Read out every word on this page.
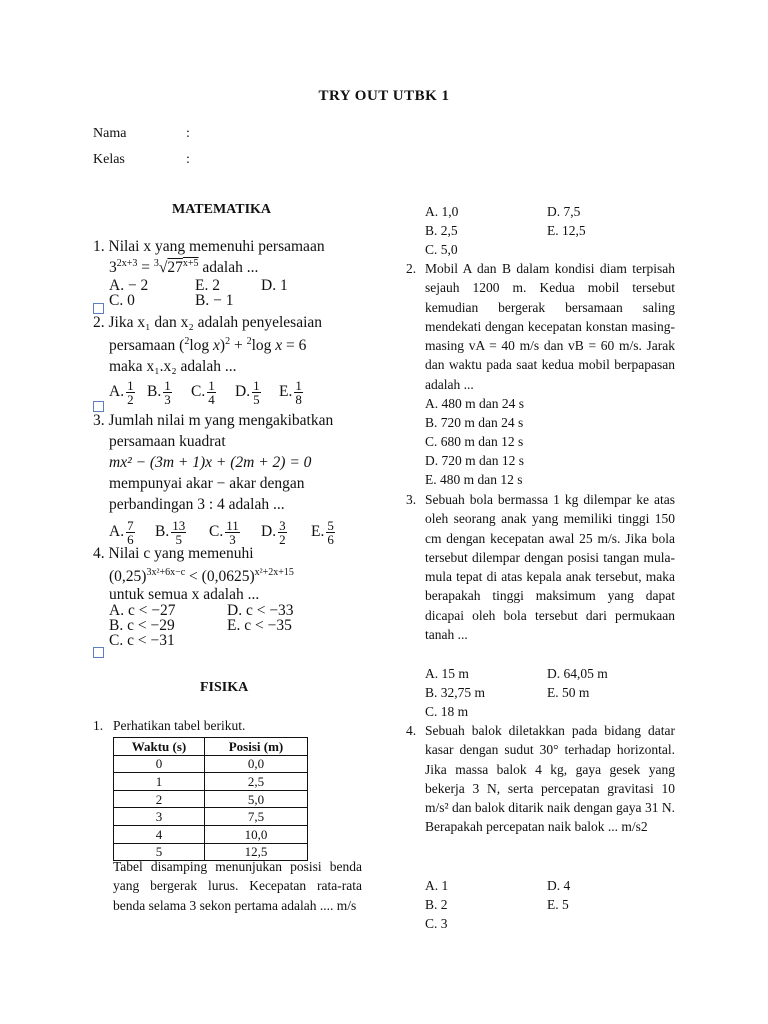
TRY OUT UTBK 1
Nama	:
Kelas	:
MATEMATIKA
1. Nilai x yang memenuhi persamaan
$3^{2x+3} = ^3√27^{x+5}$ adalah ...
A. − 2	E. 2	D. 1
C. 0	B. − 1
2. Jika x₁ dan x₂ adalah penyelesaian
persamaan ($^2$log x)$^2$ + $^2$log x = 6
maka x₁.x₂ adalah ...
A. $\frac{1}{2} B$. $\frac{1}{3} C$. $\frac{1}{4} D$. $\frac{1}{5} E$. $\frac{1}{8}$
3. Jumlah nilai m yang mengakibatkan
persamaan kuadrat
mx² − (3m + 1)x + (2m + 2) = 0
mempunyai akar − akar dengan
perbandingan 3 : 4 adalah ...
A. $\frac{7}{6} B$. $\frac{13}{5} C$. $\frac{11}{3} D$. $\frac{3}{2} E$. $\frac{5}{6}$
4. Nilai c yang memenuhi
$(0,25)^{3x^2+6x-c} < (0,0625)^{x^2+2x+15}$
untuk semua x adalah ...
A. c < −27	D. c < −33
B. c < −29	E. c < −35
C. c < −31
FISIKA
1. Perhatikan tabel berikut.
Waktu (s)	Posisi (m)
0	0,0
1	2,5
2	5,0
3	7,5
4	10,0
5	12,5
Tabel disamping menunjukan posisi benda yang bergerak lurus. Kecepatan rata-rata benda selama 3 sekon pertama adalah .... m/s
A. 1,0	D. 7,5
B. 2,5	E. 12,5
C. 5,0
2. Mobil A dan B dalam kondisi diam terpisah sejauh 1200 m. Kedua mobil tersebut kemudian bergerak bersamaan saling mendekati dengan kecepatan konstan masing-masing vA = 40 m/s dan vB = 60 m/s. Jarak dan waktu pada saat kedua mobil berpapasan adalah ...
A. 480 m dan 24 s
B. 720 m dan 24 s
C. 680 m dan 12 s
D. 720 m dan 12 s
E. 480 m dan 12 s
3. Sebuah bola bermassa 1 kg dilempar ke atas oleh seorang anak yang memiliki tinggi 150 cm dengan kecepatan awal 25 m/s. Jika bola tersebut dilempar dengan posisi tangan mula-mula tepat di atas kepala anak tersebut, maka berapakah tinggi maksimum yang dapat dicapai oleh bola tersebut dari permukaan tanah ...
A. 15 m	D. 64,05 m
B. 32,75 m	E. 50 m
C. 18 m
4. Sebuah balok diletakkan pada bidang datar kasar dengan sudut 30° terhadap horizontal. Jika massa balok 4 kg, gaya gesek yang bekerja 3 N, serta percepatan gravitasi 10 m/s² dan balok ditarik naik dengan gaya 31 N. Berapakah percepatan naik balok ... m/s2
A. 1	D. 4
B. 2	E. 5
C. 3
